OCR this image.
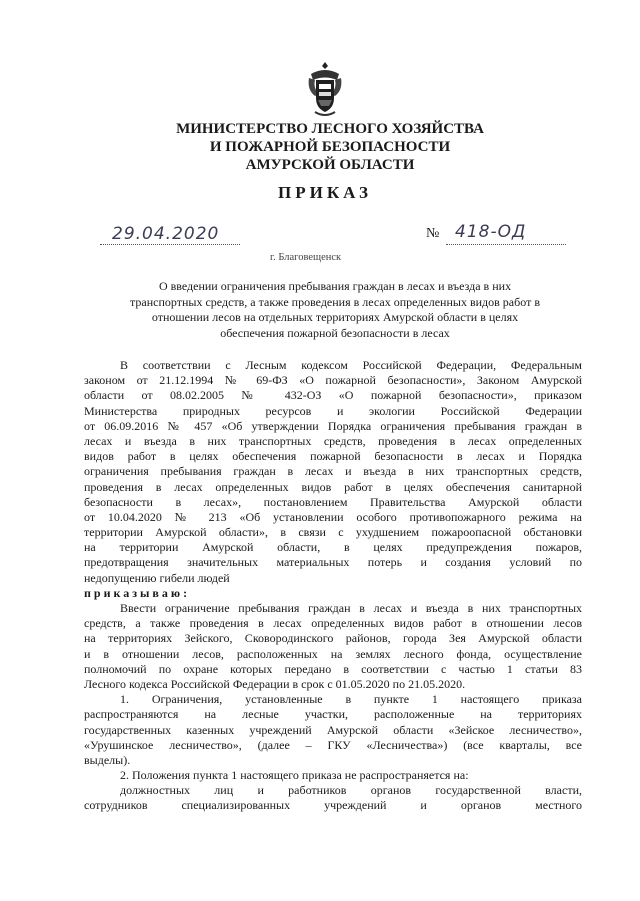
МИНИСТЕРСТВО ЛЕСНОГО ХОЗЯЙСТВА
И ПОЖАРНОЙ БЕЗОПАСНОСТИ
АМУРСКОЙ ОБЛАСТИ
ПРИКАЗ
29.04.2020	№ 418-ОД
г. Благовещенск
О введении ограничения пребывания граждан в лесах и въезда в них
транспортных средств, а также проведения в лесах определенных видов работ в
отношении лесов на отдельных территориях Амурской области в целях
обеспечения пожарной безопасности в лесах
В соответствии с Лесным кодексом Российской Федерации, Федеральным
законом от 21.12.1994 № 69-ФЗ «О пожарной безопасности», Законом Амурской
области от 08.02.2005 № 432-ОЗ «О пожарной безопасности», приказом
Министерства природных ресурсов и экологии Российской Федерации
от 06.09.2016 № 457 «Об утверждении Порядка ограничения пребывания граждан в
лесах и въезда в них транспортных средств, проведения в лесах определенных
видов работ в целях обеспечения пожарной безопасности в лесах и Порядка
ограничения пребывания граждан в лесах и въезда в них транспортных средств,
проведения в лесах определенных видов работ в целях обеспечения санитарной
безопасности в лесах», постановлением Правительства Амурской области
от 10.04.2020 № 213 «Об установлении особого противопожарного режима на
территории Амурской области», в связи с ухудшением пожароопасной обстановки
на территории Амурской области, в целях предупреждения пожаров,
предотвращения значительных материальных потерь и создания условий по
недопущению гибели людей
приказываю:
Ввести ограничение пребывания граждан в лесах и въезда в них транспортных
средств, а также проведения в лесах определенных видов работ в отношении лесов
на территориях Зейского, Сковородинского районов, города Зея Амурской области
и в отношении лесов, расположенных на землях лесного фонда, осуществление
полномочий по охране которых передано в соответствии с частью 1 статьи 83
Лесного кодекса Российской Федерации в срок с 01.05.2020 по 21.05.2020.
1. Ограничения, установленные в пункте 1 настоящего приказа
распространяются на лесные участки, расположенные на территориях
государственных казенных учреждений Амурской области «Зейское лесничество»,
«Урушинское лесничество», (далее – ГКУ «Лесничества») (все кварталы, все
выделы).
2. Положения пункта 1 настоящего приказа не распространяется на:
должностных лиц и работников органов государственной власти,
сотрудников специализированных учреждений и органов местного
